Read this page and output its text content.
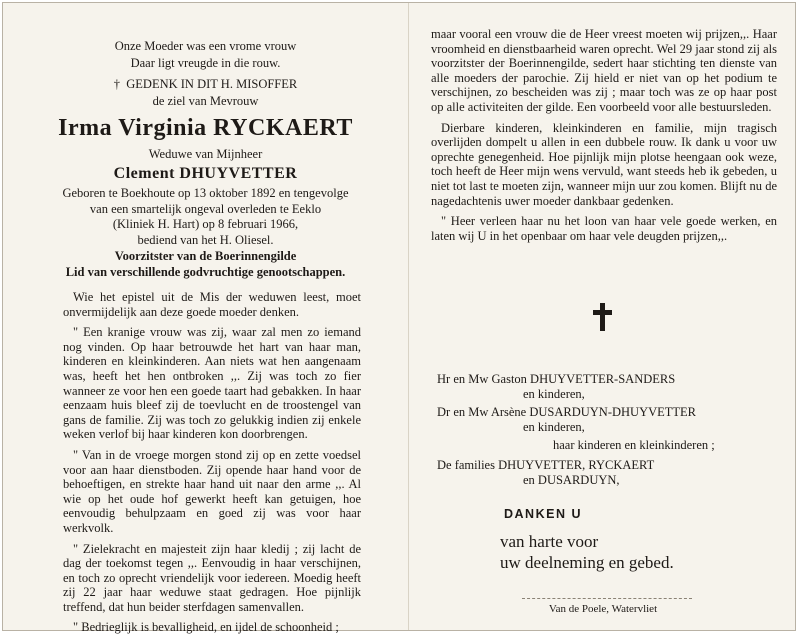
Onze Moeder was een vrome vrouw
Daar ligt vreugde in die rouw.
† GEDENK IN DIT H. MISOFFER
de ziel van Mevrouw
Irma Virginia RYCKAERT
Weduwe van Mijnheer
Clement DHUYVETTER
Geboren te Boekhoute op 13 oktober 1892 en tengevolge
van een smartelijk ongeval overleden te Eeklo
(Kliniek H. Hart) op 8 februari 1966,
bediend van het H. Oliesel.
Voorzitster van de Boerinnengilde
Lid van verschillende godvruchtige genootschappen.

Wie het epistel uit de Mis der weduwen leest, moet onvermijdelijk aan deze goede moeder denken.

" Een kranige vrouw was zij, waar zal men zo iemand nog vinden. Op haar betrouwde het hart van haar man, kinderen en kleinkinderen. Aan niets wat hen aangenaam was, heeft het hen ontbroken ,,. Zij was toch zo fier wanneer ze voor hen een goede taart had gebakken. In haar eenzaam huis bleef zij de toevlucht en de troostengel van gans de familie. Zij was toch zo gelukkig indien zij enkele weken verlof bij haar kinderen kon doorbrengen.

" Van in de vroege morgen stond zij op en zette voedsel voor aan haar dienstboden. Zij opende haar hand voor de behoeftigen, en strekte haar hand uit naar den arme ,,. Al wie op het oude hof gewerkt heeft kan getuigen, hoe eenvoudig behulpzaam en goed zij was voor haar werkvolk.

" Zielekracht en majesteit zijn haar kledij ; zij lacht de dag der toekomst tegen ,,. Eenvoudig in haar verschijnen, en toch zo oprecht vriendelijk voor iedereen. Moedig heeft zij 22 jaar haar weduwe staat gedragen. Hoe pijnlijk treffend, dat hun beider sterfdagen samenvallen.

" Bedrieglijk is bevalligheid, en ijdel de schoonheid ;

maar vooral een vrouw die de Heer vreest moeten wij prijzen,,. Haar vroomheid en dienstbaarheid waren oprecht. Wel 29 jaar stond zij als voorzitster der Boerinnengilde, sedert haar stichting ten dienste van alle moeders der parochie. Zij hield er niet van op het podium te verschijnen, zo bescheiden was zij ; maar toch was ze op haar post op alle activiteiten der gilde. Een voorbeeld voor alle bestuursleden.

Dierbare kinderen, kleinkinderen en familie, mijn tragisch overlijden dompelt u allen in een dubbele rouw. Ik dank u voor uw oprechte genegenheid. Hoe pijnlijk mijn plotse heengaan ook weze, toch heeft de Heer mijn wens vervuld, want steeds heb ik gebeden, u niet tot last te moeten zijn, wanneer mijn uur zou komen. Blijft nu de nagedachtenis uwer moeder dankbaar gedenken.

" Heer verleen haar nu het loon van haar vele goede werken, en laten wij U in het openbaar om haar vele deugden prijzen,,.

Hr en Mw Gaston DHUYVETTER-SANDERS
en kinderen,
Dr en Mw Arsène DUSARDUYN-DHUYVETTER
en kinderen,
haar kinderen en kleinkinderen ;
De families DHUYVETTER, RYCKAERT
en DUSARDUYN,
DANKEN U
van harte voor
uw deelneming en gebed.
Van de Poele, Watervliet
